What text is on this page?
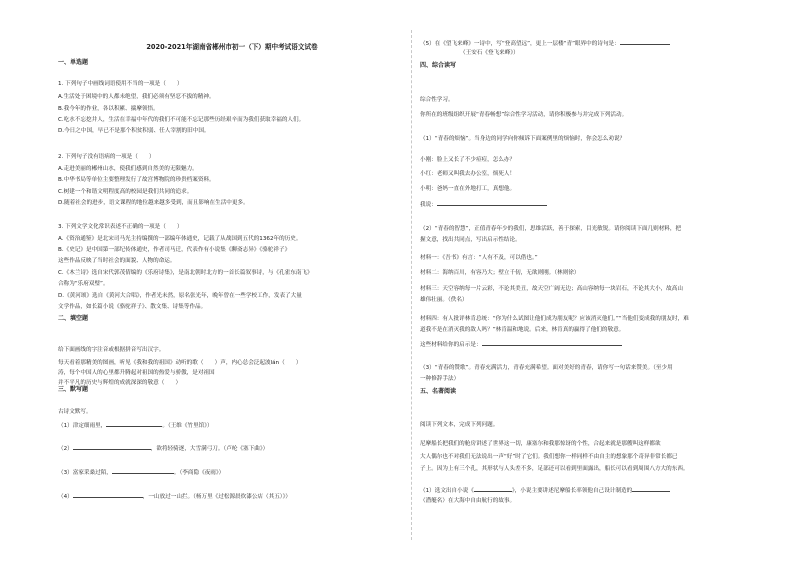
2020-2021年湖南省郴州市初一（下）期中考试语文试卷
一、单选题
1. 下列句子中画线词语使用不当的一项是（　　）
A.生活处于困境中的人都未绝望，我们必须有坚忍不拔的精神。
B.我今年的作业，各以积累、揣摩领悟。
C.吃水不忘挖井人，生活在幸福中年代的我们不可能不忘记那些历经艰辛而为我们获取幸福的人们。
D.今日之中国，早已不是那个积贫积弱、任人宰割的旧中国。
2. 下列句子没有语病的一项是（　　）
A.走进美丽的郴州山水，使我们感到自然美的无限魅力。
B.中华书局等单位主要整理发行了故宫博物院的珍贵档案资料。
C.树建一个和谐文明程度高的校园是我们共同的追求。
D.随着社会的进步，语文课程的地位越来越多受到，而且影响在生活中更多。
3. 下列文学文化常识表述不正确的一项是（　　）
A.《资治通鉴》是北宋司马光主持编撰的一部编年体通史，记载了从战国到五代的1362年的历史。
B.《史记》是中国第一部纪传体通史，作者司马迁，代表作有小说集《聊斋志异》《骆驼祥子》
这些作品反映了当时社会的面貌、人物的命运。
C.《木兰诗》选自宋代郭茂倩编的《乐府诗集》，是南北朝时北方的一首长篇叙事诗，与《孔雀东南飞》
合称为“乐府双璧”。
D.《黄河颂》选自《黄河大合唱》，作者光未然，原名张光年，晚年曾在一些学校工作，发表了大量
文学作品，如长篇小说《骆驼祥子》、散文集、诗集等作品。
二、填空题
给下面画线的字注音或根据拼音写出汉字。
每天看着那精美的图画，听见《我和我的祖国》动听的歌（　　）声，内心总会泛起波lán（　　）
涛，每个中国人的心里都升腾起对祖国的热爱与骄傲，是对祖国
并不平凡的历史与辉煌的成就深深的敬意（　　）
三、默写题
古诗文默写。
（1）津定细雨里，	。（王维《竹里馆》）
（2）	，欲将轻骑逐，大雪满弓刀。（卢纶《塞下曲》）
（3）富家采桑过陌，	。（李商隐《夜雨》）
（4）	，一山放过一山拦。（杨万里《过松源晨炊漆公店（其五）》）
（5）在《望飞来峰》一诗中，写“登高望远”，更上一层楼“青”眼界中的诗句是：
（王安石《登飞来峰》）
四、综合读写
综合性学习。
你所在的班级组织开展“青春畅想”综合性学习活动，请你积极参与并完成下列活动。
（1）“青春的烦恼”。当身边的同学向你倾诉下面案例里的烦恼时，你会怎么劝说？
小刚：脸上又长了不少痘痘，怎么办？
小红：老师又叫我去办公室，烦死人！
小明：爸妈一直在外地打工，真想他。
我说：
（2）“青春的智慧”，正值青春年少的我们，思维活跃，善于探索，目光敏锐。请你阅读下面几则材料，把
握文意，找出共同点，写出启示性结论。
材料一：《吾书》有言：“人有不及，可以借也。”
材料二：海纳百川，有容乃大；壁立千仞，无欲则刚。（林则徐）
材料三：天空容纳每一片云彩，不论其美丑，故天空广阔无边；高山容纳每一块岩石，不论其大小，故高山
雄伟壮丽。（佚名）
材料四：有人批评林肯总统：“你为什么试图让他们成为朋友呢？应该消灭他们。”“当他们变成我的朋友时，难
道我不是在消灭我的敌人吗？”林肯温和地说。后来，林肯真的赢得了他们的敬意。
这些材料给你的启示是：
（3）“青春的赞歌”。青春充满活力，青春充满希望。面对美好的青春，请你写一句话来赞美。（至少用
一种修辞手法）
五、名著阅读
阅读下列文本，完成下列问题。
尼摩船长把我们的舱房讲述了世界这一切，康塞尔和我那惊讶的个性，合起来就是那艘叫这样都欲
大人偶尔也不对我们无法说出一声“好”时了它们。我们想你一样同样不由自主的想象那个奇异非常长都已
子上。因为上有三个孔，其形状与人头差不多，足部还可以看到里面露出，船长可以看到周围八方大的东西。
（1）选文出自小说《	》，小说主要讲述尼摩船长率领他自己设计制造的
（潜艇名）在大海中自由航行的故事。
